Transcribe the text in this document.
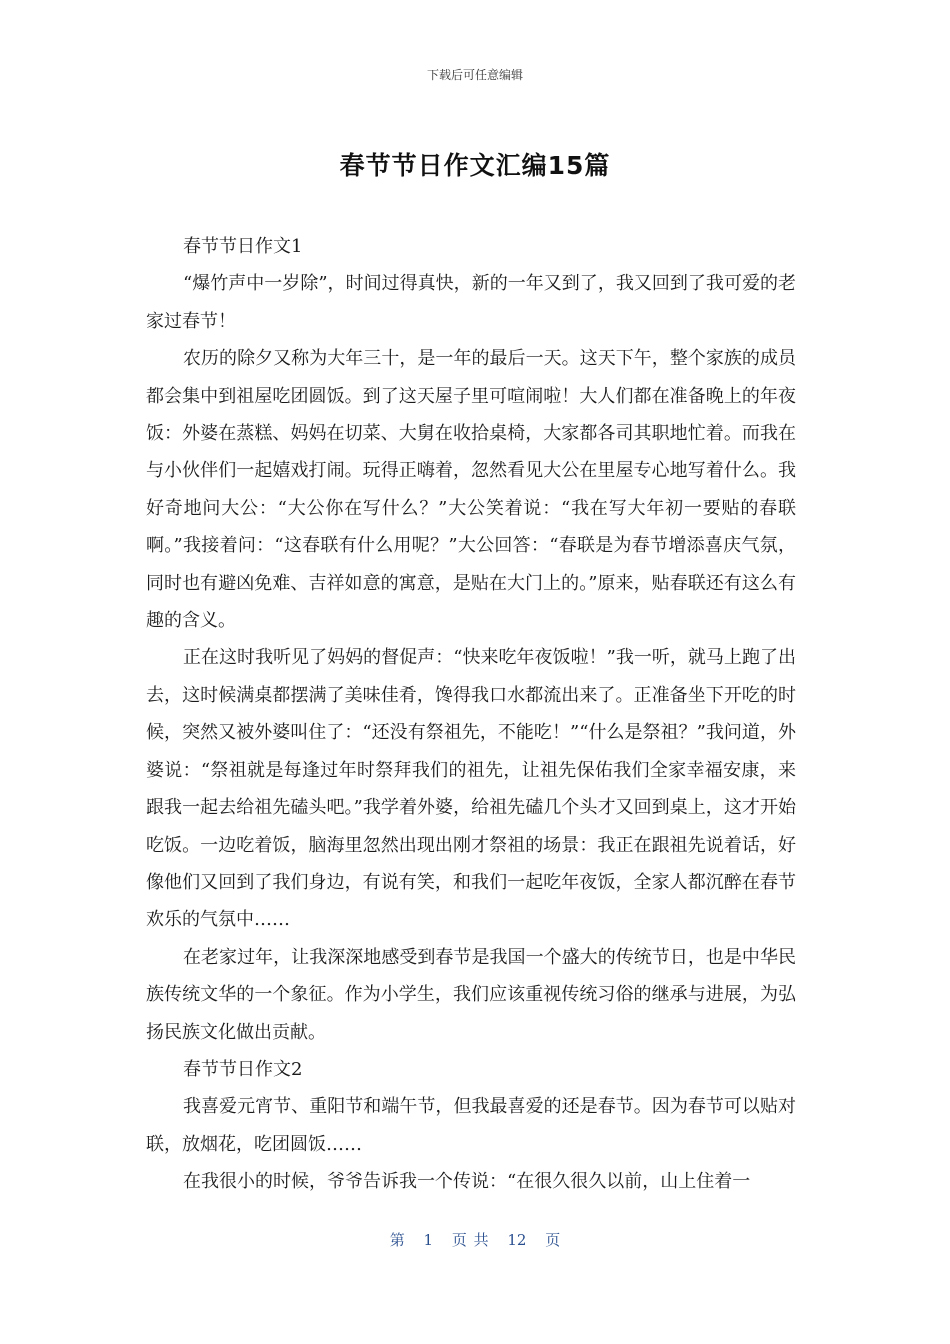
下载后可任意编辑
春节节日作文汇编15篇

春节节日作文1

“爆竹声中一岁除”，时间过得真快，新的一年又到了，我又回到了我可爱的老家过春节！

农历的除夕又称为大年三十，是一年的最后一天。这天下午，整个家族的成员都会集中到祖屋吃团圆饭。到了这天屋子里可喧闹啦！大人们都在准备晚上的年夜饭：外婆在蒸糕、妈妈在切菜、大舅在收拾桌椅，大家都各司其职地忙着。而我在与小伙伴们一起嬉戏打闹。玩得正嗨着，忽然看见大公在里屋专心地写着什么。我好奇地问大公：“大公你在写什么？”大公笑着说：“我在写大年初一要贴的春联啊。”我接着问：“这春联有什么用呢？”大公回答：“春联是为春节增添喜庆气氛，同时也有避凶免难、吉祥如意的寓意，是贴在大门上的。”原来，贴春联还有这么有趣的含义。

正在这时我听见了妈妈的督促声：“快来吃年夜饭啦！”我一听，就马上跑了出去，这时候满桌都摆满了美味佳肴，馋得我口水都流出来了。正准备坐下开吃的时候，突然又被外婆叫住了：“还没有祭祖先，不能吃！”“什么是祭祖？”我问道，外婆说：“祭祖就是每逢过年时祭拜我们的祖先，让祖先保佑我们全家幸福安康，来跟我一起去给祖先磕头吧。”我学着外婆，给祖先磕几个头才又回到桌上，这才开始吃饭。一边吃着饭，脑海里忽然出现出刚才祭祖的场景：我正在跟祖先说着话，好像他们又回到了我们身边，有说有笑，和我们一起吃年夜饭，全家人都沉醉在春节欢乐的气氛中……

在老家过年，让我深深地感受到春节是我国一个盛大的传统节日，也是中华民族传统文华的一个象征。作为小学生，我们应该重视传统习俗的继承与进展，为弘扬民族文化做出贡献。

春节节日作文2

我喜爱元宵节、重阳节和端午节，但我最喜爱的还是春节。因为春节可以贴对联，放烟花，吃团圆饭……

在我很小的时候，爷爷告诉我一个传说：“在很久很久以前，山上住着一

第 1 页 共 12 页
